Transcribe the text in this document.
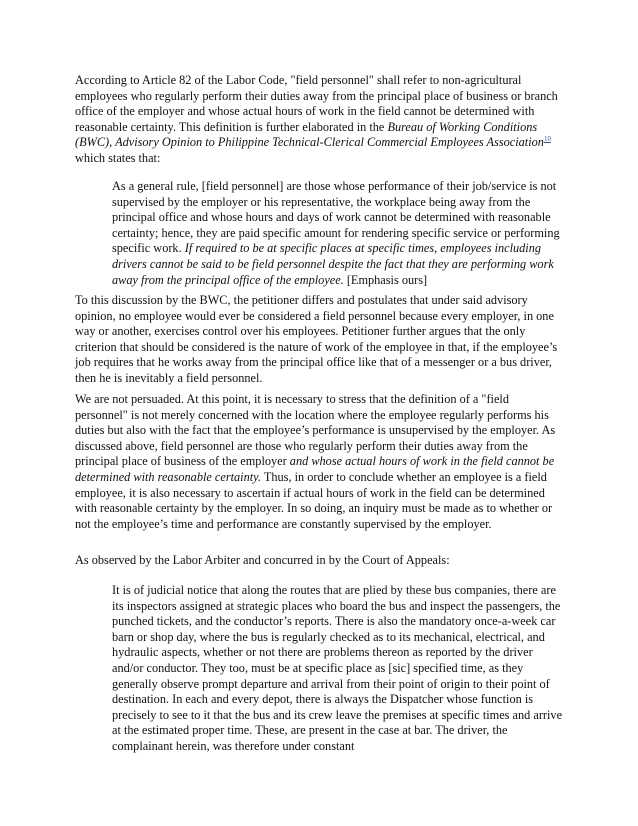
According to Article 82 of the Labor Code, "field personnel" shall refer to non-agricultural employees who regularly perform their duties away from the principal place of business or branch office of the employer and whose actual hours of work in the field cannot be determined with reasonable certainty. This definition is further elaborated in the Bureau of Working Conditions (BWC), Advisory Opinion to Philippine Technical-Clerical Commercial Employees Association$^{10}$ which states that:

As a general rule, [field personnel] are those whose performance of their job/service is not supervised by the employer or his representative, the workplace being away from the principal office and whose hours and days of work cannot be determined with reasonable certainty; hence, they are paid specific amount for rendering specific service or performing specific work. If required to be at specific places at specific times, employees including drivers cannot be said to be field personnel despite the fact that they are performing work away from the principal office of the employee. [Emphasis ours]

To this discussion by the BWC, the petitioner differs and postulates that under said advisory opinion, no employee would ever be considered a field personnel because every employer, in one way or another, exercises control over his employees. Petitioner further argues that the only criterion that should be considered is the nature of work of the employee in that, if the employee’s job requires that he works away from the principal office like that of a messenger or a bus driver, then he is inevitably a field personnel.

We are not persuaded. At this point, it is necessary to stress that the definition of a "field personnel" is not merely concerned with the location where the employee regularly performs his duties but also with the fact that the employee’s performance is unsupervised by the employer. As discussed above, field personnel are those who regularly perform their duties away from the principal place of business of the employer and whose actual hours of work in the field cannot be determined with reasonable certainty. Thus, in order to conclude whether an employee is a field employee, it is also necessary to ascertain if actual hours of work in the field can be determined with reasonable certainty by the employer. In so doing, an inquiry must be made as to whether or not the employee’s time and performance are constantly supervised by the employer.

As observed by the Labor Arbiter and concurred in by the Court of Appeals:

It is of judicial notice that along the routes that are plied by these bus companies, there are its inspectors assigned at strategic places who board the bus and inspect the passengers, the punched tickets, and the conductor’s reports. There is also the mandatory once-a-week car barn or shop day, where the bus is regularly checked as to its mechanical, electrical, and hydraulic aspects, whether or not there are problems thereon as reported by the driver and/or conductor. They too, must be at specific place as [sic] specified time, as they generally observe prompt departure and arrival from their point of origin to their point of destination. In each and every depot, there is always the Dispatcher whose function is precisely to see to it that the bus and its crew leave the premises at specific times and arrive at the estimated proper time. These, are present in the case at bar. The driver, the complainant herein, was therefore under constant
